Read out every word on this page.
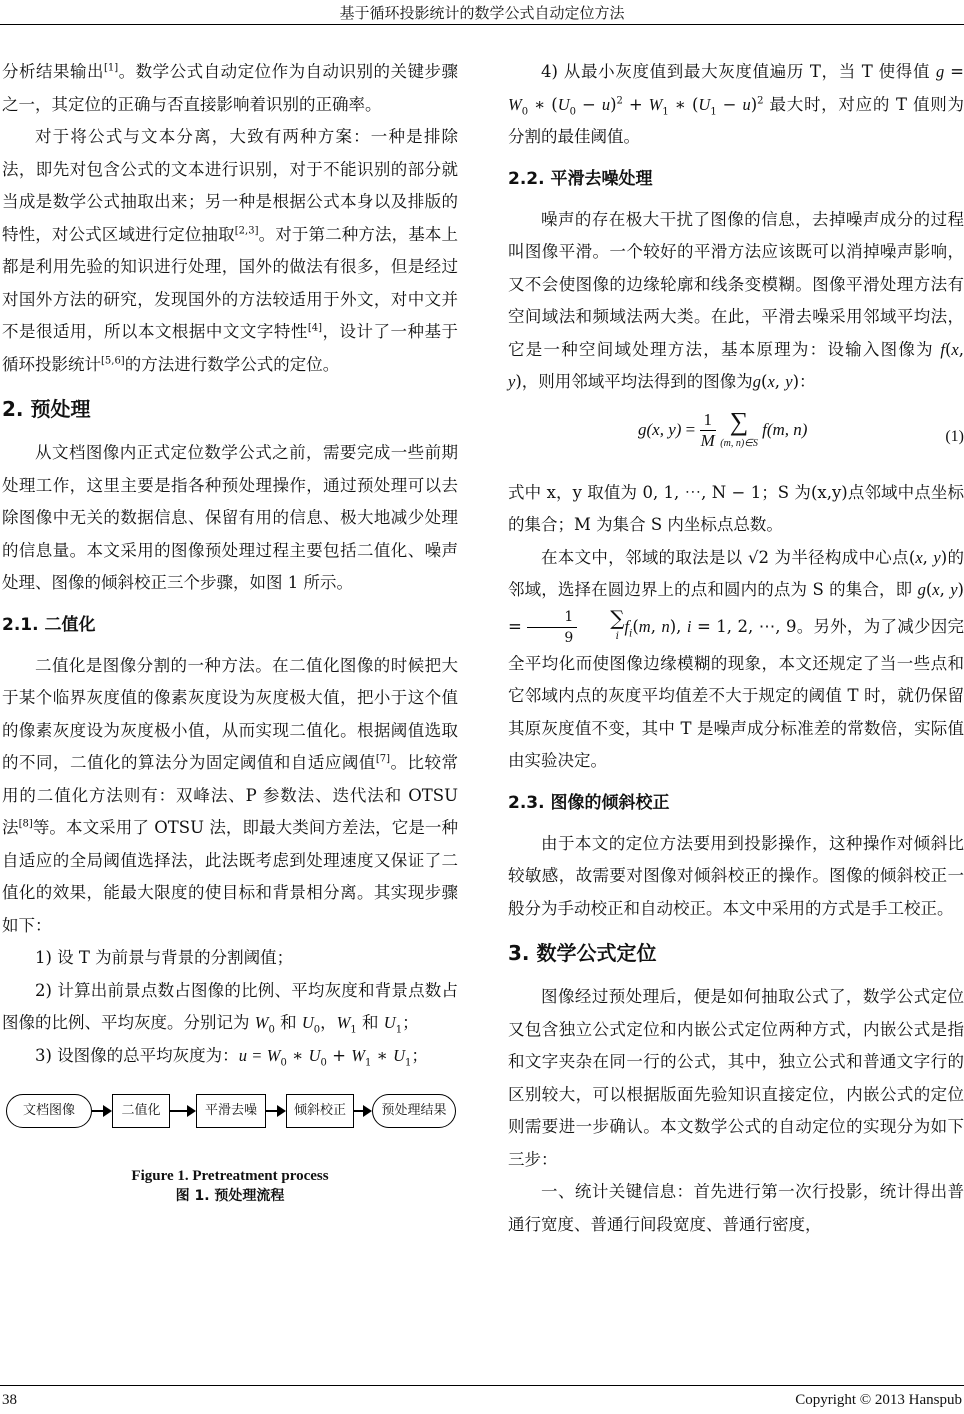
基于循环投影统计的数学公式自动定位方法

分析结果输出[1]。数学公式自动定位作为自动识别的关键步骤之一，其定位的正确与否直接影响着识别的正确率。

对于将公式与文本分离，大致有两种方案：一种是排除法，即先对包含公式的文本进行识别，对于不能识别的部分就当成是数学公式抽取出来；另一种是根据公式本身以及排版的特性，对公式区域进行定位抽取[2,3]。对于第二种方法，基本上都是利用先验的知识进行处理，国外的做法有很多，但是经过对国外方法的研究，发现国外的方法较适用于外文，对中文并不是很适用，所以本文根据中文文字特性[4]，设计了一种基于循环投影统计[5,6]的方法进行数学公式的定位。

2. 预处理

从文档图像内正式定位数学公式之前，需要完成一些前期处理工作，这里主要是指各种预处理操作，通过预处理可以去除图像中无关的数据信息、保留有用的信息、极大地减少处理的信息量。本文采用的图像预处理过程主要包括二值化、噪声处理、图像的倾斜校正三个步骤，如图 1 所示。

2.1. 二值化

二值化是图像分割的一种方法。在二值化图像的时候把大于某个临界灰度值的像素灰度设为灰度极大值，把小于这个值的像素灰度设为灰度极小值，从而实现二值化。根据阈值选取的不同，二值化的算法分为固定阈值和自适应阈值[7]。比较常用的二值化方法则有：双峰法、P 参数法、迭代法和 OTSU 法[8]等。本文采用了 OTSU 法，即最大类间方差法，它是一种自适应的全局阈值选择法，此法既考虑到处理速度又保证了二值化的效果，能最大限度的使目标和背景相分离。其实现步骤如下：

1) 设 T 为前景与背景的分割阈值；

2) 计算出前景点数占图像的比例、平均灰度和背景点数占图像的比例、平均灰度。分别记为 $W_0$ 和 $U_0$，$W_1$ 和 $U_1$；

3) 设图像的总平均灰度为：$u = W_0$ ∗ $U_0 + W_1$ ∗ $U_1$；

文档图像	二值化	平滑去噪	倾斜校正	预处理结果
Figure 1. Pretreatment process
图 1. 预处理流程

4) 从最小灰度值到最大灰度值遍历 T，当 T 使得值 $g = W_0$ ∗ $(U_0 - u)^2 + W_1$ ∗ $(U_1 - u)^2$ 最大时，对应的 T 值则为分割的最佳阈值。

2.2. 平滑去噪处理

噪声的存在极大干扰了图像的信息，去掉噪声成分的过程叫图像平滑。一个较好的平滑方法应该既可以消掉噪声影响，又不会使图像的边缘轮廓和线条变模糊。图像平滑处理方法有空间域法和频域法两大类。在此，平滑去噪采用邻域平均法，它是一种空间域处理方法，基本原理为：设输入图像为 f(x, y)，则用邻域平均法得到的图像为g(x, y)：

g(x, $y) = \frac{1}{M}$
∑
(m, n)∈S
f(m, n)	(1)

式中 x，y 取值为 0, 1, ⋯, N − 1；S 为(x,y)点邻域中点坐标的集合；M 为集合 S 内坐标点总数。

在本文中，邻域的取法是以 √2 为半径构成中心点(x, y)的邻域，选择在圆边界上的点和圆内的点为 S 的集合，即 g(x, $y) = \frac{1}{9}$	∑
i
$f_i(m$, n), i = 1, 2, ⋯, 9。另外，为了减少因完全平均化而使图像边缘模糊的现象，本文还规定了当一些点和它邻域内点的灰度平均值差不大于规定的阈值 T 时，就仍保留其原灰度值不变，其中 T 是噪声成分标准差的常数倍，实际值由实验决定。

2.3. 图像的倾斜校正

由于本文的定位方法要用到投影操作，这种操作对倾斜比较敏感，故需要对图像对倾斜校正的操作。图像的倾斜校正一般分为手动校正和自动校正。本文中采用的方式是手工校正。

3. 数学公式定位

图像经过预处理后，便是如何抽取公式了，数学公式定位又包含独立公式定位和内嵌公式定位两种方式，内嵌公式是指和文字夹杂在同一行的公式，其中，独立公式和普通文字行的区别较大，可以根据版面先验知识直接定位，内嵌公式的定位则需要进一步确认。本文数学公式的自动定位的实现分为如下三步：

一、统计关键信息：首先进行第一次行投影，统计得出普通行宽度、普通行间段宽度、普通行密度，

38	Copyright © 2013 Hanspub
